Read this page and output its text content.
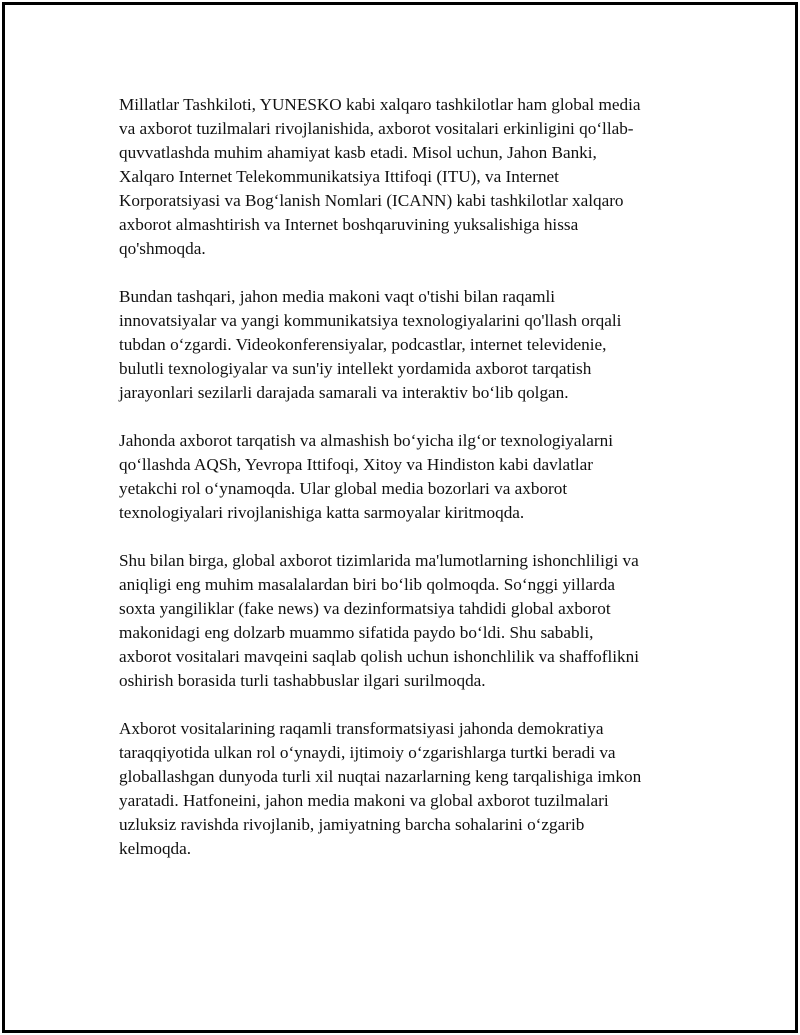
Millatlar Tashkiloti, YUNESKO kabi xalqaro tashkilotlar ham global media
va axborot tuzilmalari rivojlanishida, axborot vositalari erkinligini qo‘llab-
quvvatlashda muhim ahamiyat kasb etadi. Misol uchun, Jahon Banki,
Xalqaro Internet Telekommunikatsiya Ittifoqi (ITU), va Internet
Korporatsiyasi va Bog‘lanish Nomlari (ICANN) kabi tashkilotlar xalqaro
axborot almashtirish va Internet boshqaruvining yuksalishiga hissa
qo'shmoqda.

Bundan tashqari, jahon media makoni vaqt o'tishi bilan raqamli
innovatsiyalar va yangi kommunikatsiya texnologiyalarini qo'llash orqali
tubdan o‘zgardi. Videokonferensiyalar, podcastlar, internet televidenie,
bulutli texnologiyalar va sun'iy intellekt yordamida axborot tarqatish
jarayonlari sezilarli darajada samarali va interaktiv bo‘lib qolgan.

Jahonda axborot tarqatish va almashish bo‘yicha ilg‘or texnologiyalarni
qo‘llashda AQSh, Yevropa Ittifoqi, Xitoy va Hindiston kabi davlatlar
yetakchi rol o‘ynamoqda. Ular global media bozorlari va axborot
texnologiyalari rivojlanishiga katta sarmoyalar kiritmoqda.

Shu bilan birga, global axborot tizimlarida ma'lumotlarning ishonchliligi va
aniqligi eng muhim masalalardan biri bo‘lib qolmoqda. So‘nggi yillarda
soxta yangiliklar (fake news) va dezinformatsiya tahdidi global axborot
makonidagi eng dolzarb muammo sifatida paydo bo‘ldi. Shu sababli,
axborot vositalari mavqeini saqlab qolish uchun ishonchlilik va shaffoflikni
oshirish borasida turli tashabbuslar ilgari surilmoqda.

Axborot vositalarining raqamli transformatsiyasi jahonda demokratiya
taraqqiyotida ulkan rol o‘ynaydi, ijtimoiy o‘zgarishlarga turtki beradi va
globallashgan dunyoda turli xil nuqtai nazarlarning keng tarqalishiga imkon
yaratadi. Hatfoneini, jahon media makoni va global axborot tuzilmalari
uzluksiz ravishda rivojlanib, jamiyatning barcha sohalarini o‘zgarib
kelmoqda.
